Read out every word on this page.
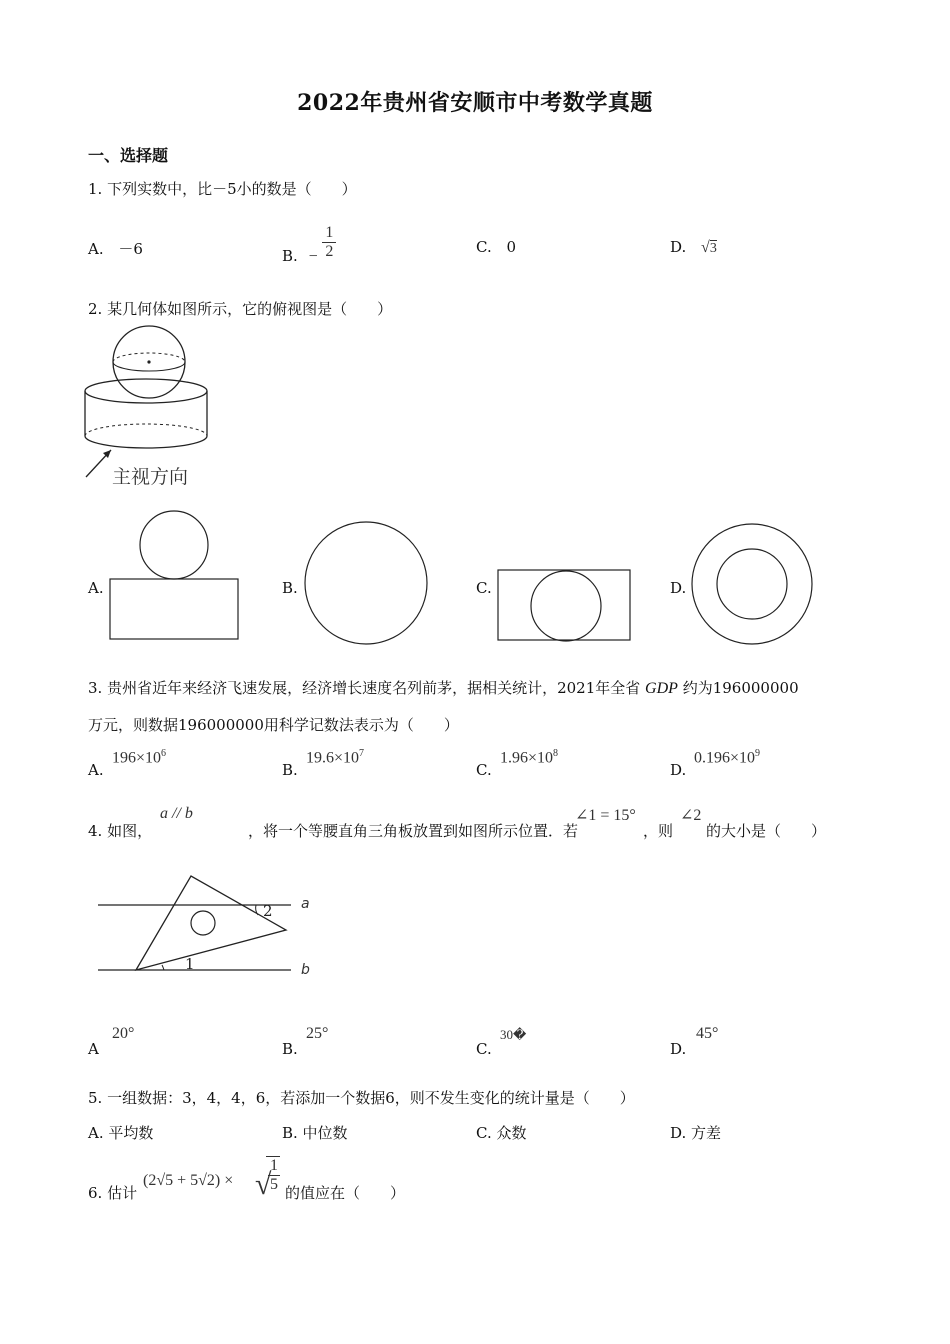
2022年贵州省安顺市中考数学真题
一、选择题
1. 下列实数中，比－5小的数是（　　）
A. －6	B. − $\frac{1}{2}$	C. 0	D. √3
2. 某几何体如图所示，它的俯视图是（　　）
主视方向
A.	B.	C.	D.
3. 贵州省近年来经济飞速发展，经济增长速度名列前茅，据相关统计，2021年全省 GDP 约为196000000
万元，则数据196000000用科学记数法表示为（　　）
A.
$196\times 10^6$
B.
$19.6\times 10^7$
C.
$1.96\times 10^8$
D.
$0.196\times 10^9$
4. 如图，
a // b
，将一个等腰直角三角板放置到如图所示位置．若
∠1 = 15°
，则
∠2
的大小是（　　）
a
b
1
2
A
20°
B.
25°
C.
30�
D.
45°
5. 一组数据：3，4，4，6，若添加一个数据6，则不发生变化的统计量是（　　）
A. 平均数	B. 中位数	C. 众数	D. 方差
6. 估计
(2√5 + 5√2) × √
$\frac{1}{5}$ 的值应在（　　）
